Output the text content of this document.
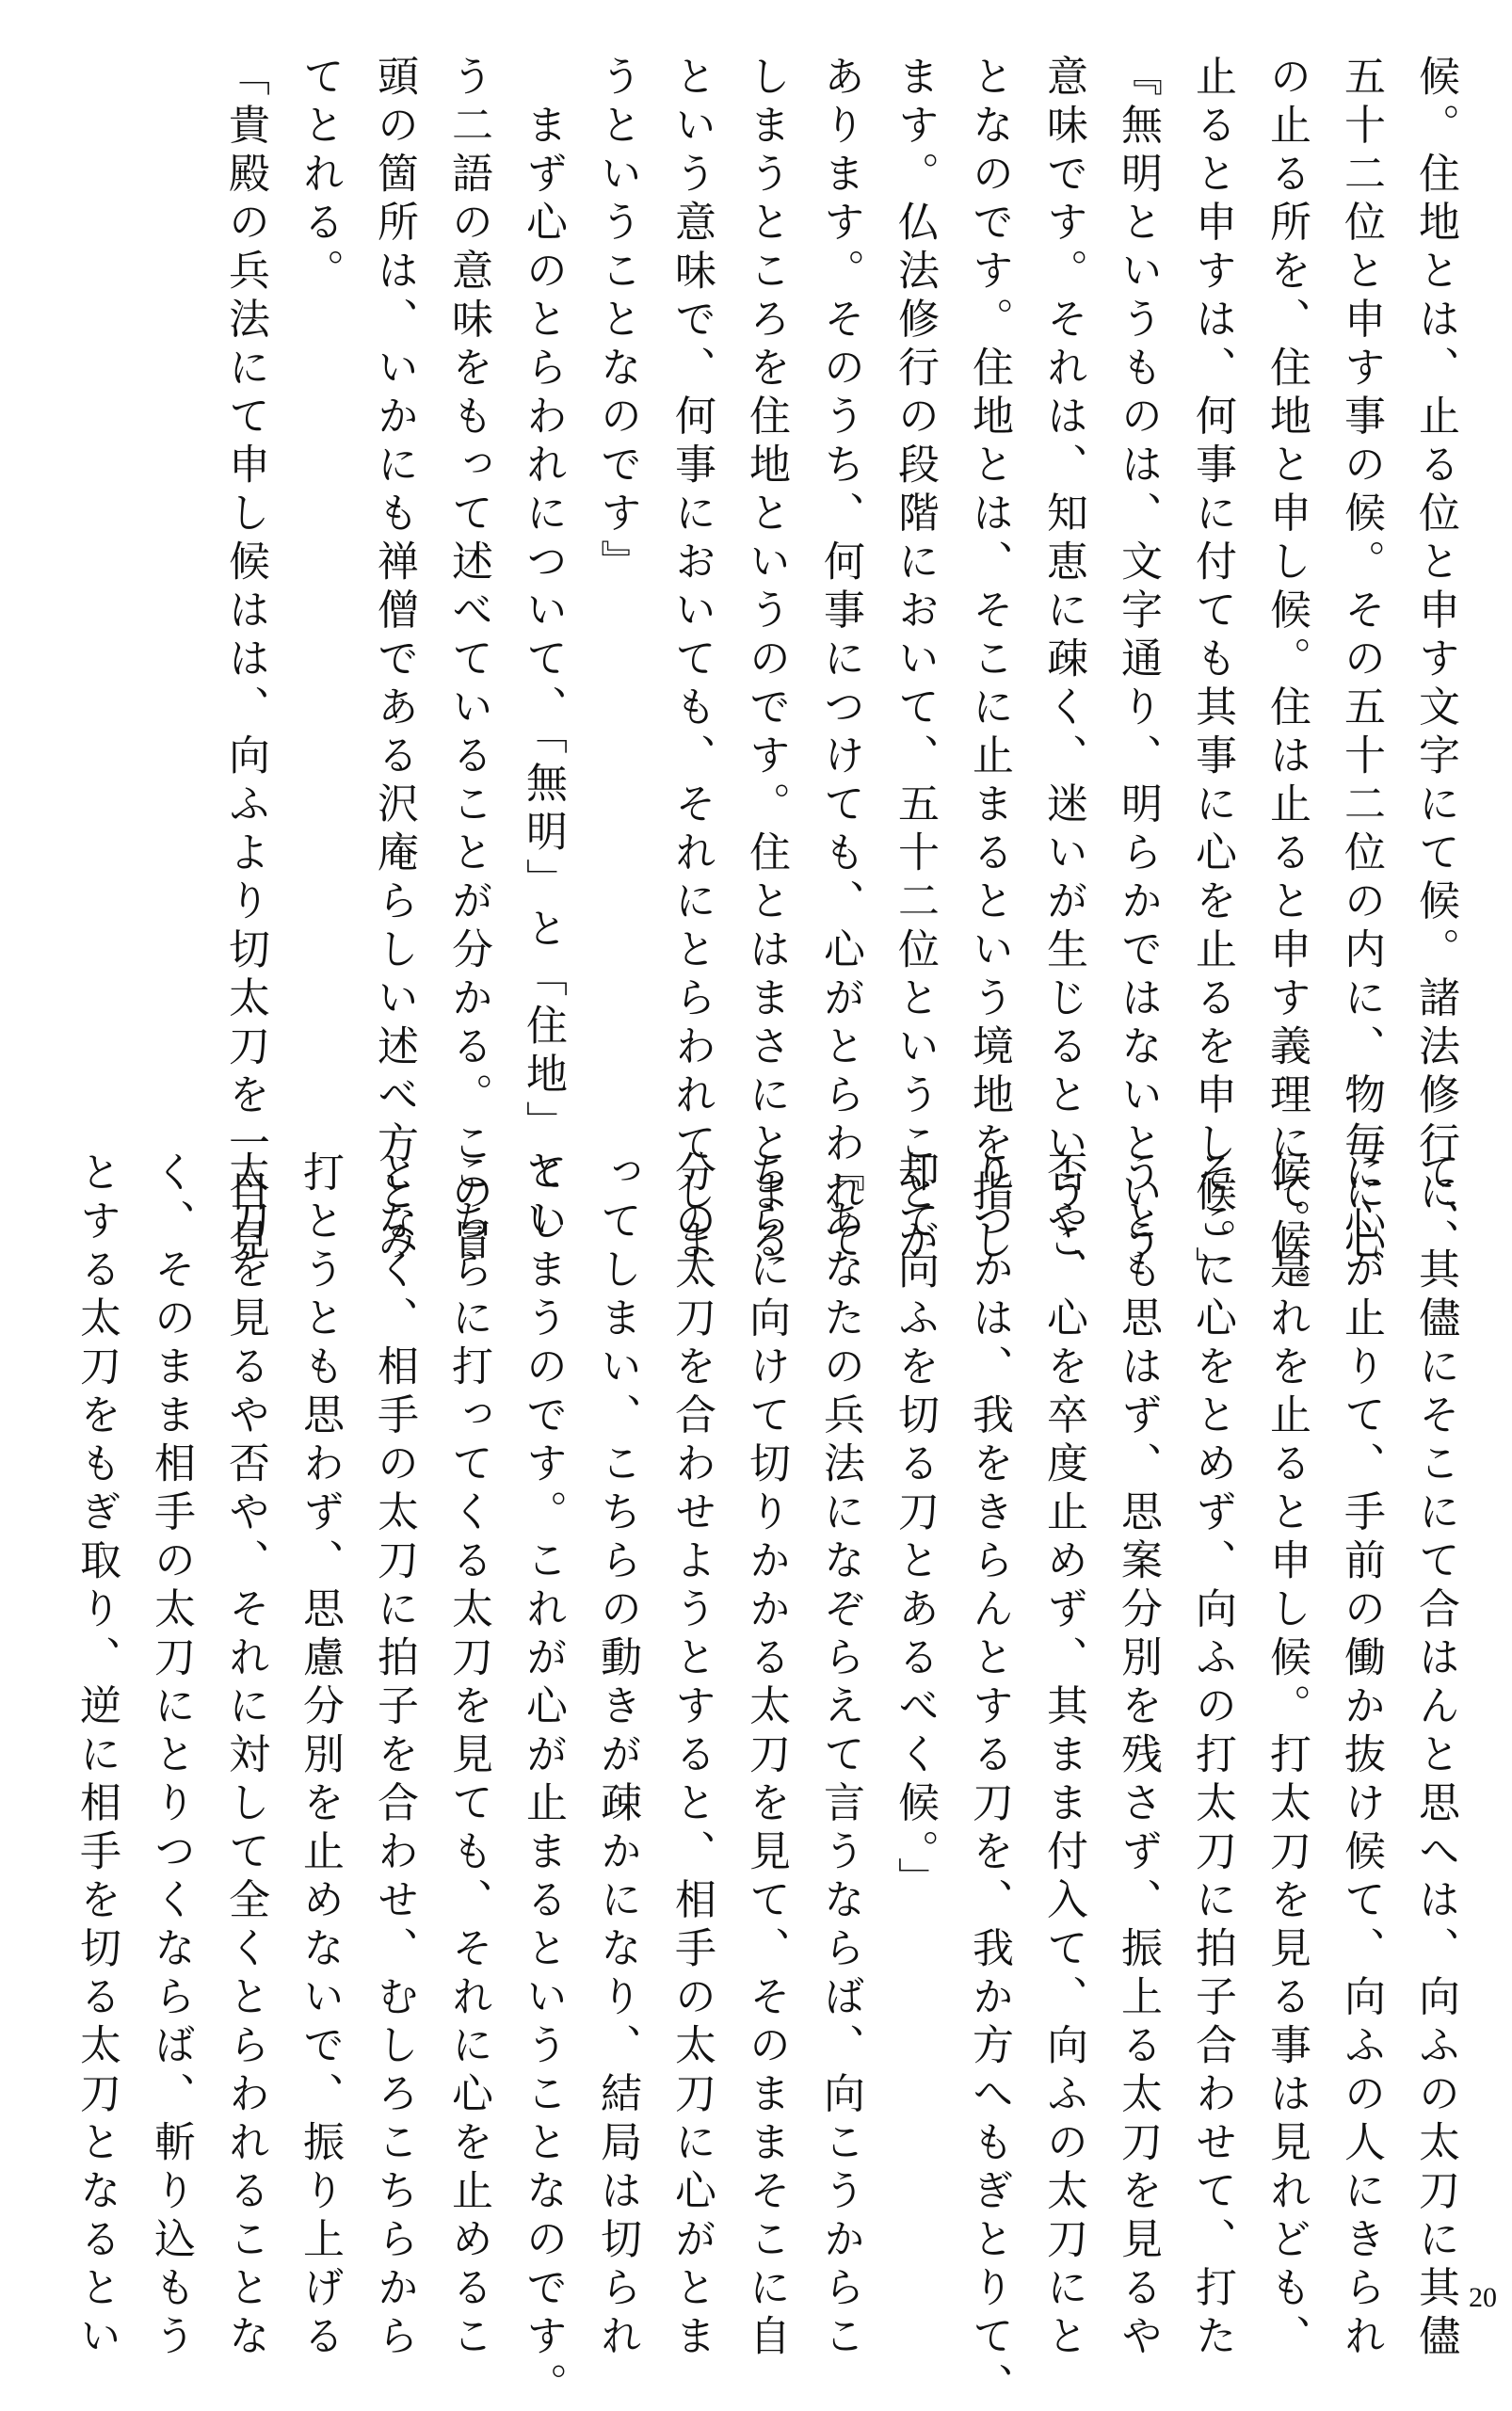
候。住地とは、止る位と申す文字にて候。諸法修行に、
五十二位と申す事の候。その五十二位の内に、物毎に心
の止る所を、住地と申し候。住は止ると申す義理にて候。
止ると申すは、何事に付ても其事に心を止るを申し候。」
『無明というものは、文字通り、明らかではないという
意味です。それは、知恵に疎く、迷いが生じるというこ
となのです。住地とは、そこに止まるという境地を指し
ます。仏法修行の段階において、五十二位ということが
あります。そのうち、何事につけても、心がとらわれて
しまうところを住地というのです。住とはまさにとまる
という意味で、何事においても、それにとらわれてしま
うということなのです』
　まず心のとらわれについて、「無明」と「住地」とい
う二語の意味をもって述べていることが分かる。この冒
頭の箇所は、いかにも禅僧である沢庵らしい述べ方とみ
てとれる。
「貴殿の兵法にて申し候はは、向ふより切太刀を一目見
て、其儘にそこにて合はんと思へは、向ふの太刀に其儘
に心が止りて、手前の働か抜け候て、向ふの人にきられ
候。是れを止ると申し候。打太刀を見る事は見れども、
そこに心をとめず、向ふの打太刀に拍子合わせて、打た
うとも思はず、思案分別を残さず、振上る太刀を見るや
否や、心を卒度止めず、其まま付入て、向ふの太刀にと
りつかは、我をきらんとする刀を、我か方へもぎとりて、
却て向ふを切る刀とあるべく候。」
『あなたの兵法になぞらえて言うならば、向こうからこ
ちらに向けて切りかかる太刀を見て、そのままそこに自
分の太刀を合わせようとすると、相手の太刀に心がとま
ってしまい、こちらの動きが疎かになり、結局は切られ
てしまうのです。これが心が止まるということなのです。
こちらに打ってくる太刀を見ても、それに心を止めるこ
となく、相手の太刀に拍子を合わせ、むしろこちらから
打とうとも思わず、思慮分別を止めないで、振り上げる
太刀を見るや否や、それに対して全くとらわれることな
く、そのまま相手の太刀にとりつくならば、斬り込もう
とする太刀をもぎ取り、逆に相手を切る太刀となるとい	20
